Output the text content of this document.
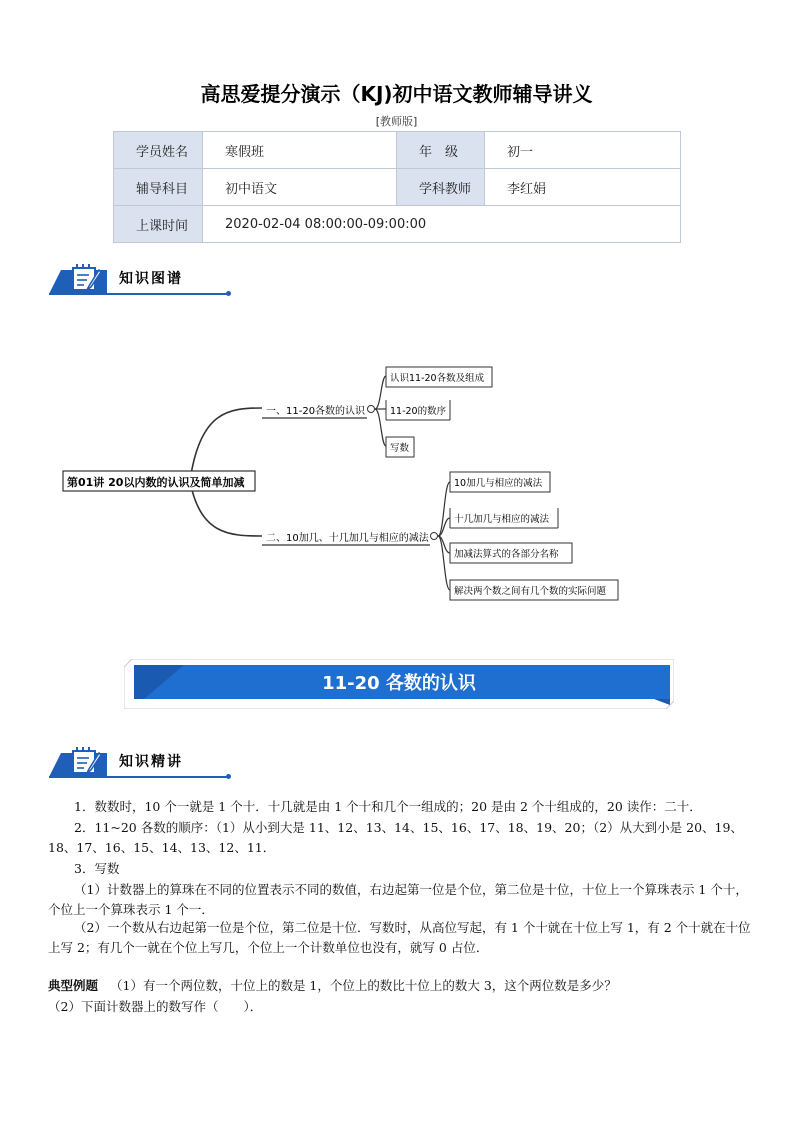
高思爱提分演示（KJ)初中语文教师辅导讲义
[教师版]
学员姓名	寒假班	年　级	初一
辅导科目	初中语文	学科教师	李红娟
上课时间	2020-02-04 08:00:00-09:00:00		
知识图谱
第01讲 20以内数的认识及简单加减
一、11-20各数的认识
认识11-20各数及组成
11-20的数序
写数
二、10加几、十几加几与相应的减法
10加几与相应的减法
十几加几与相应的减法
加减法算式的各部分名称
解决两个数之间有几个数的实际问题
11-20 各数的认识
知识精讲
1．数数时，10 个一就是 1 个十．十几就是由 1 个十和几个一组成的；20 是由 2 个十组成的，20 读作：二十．
2．11~20 各数的顺序：（1）从小到大是 11、12、13、14、15、16、17、18、19、20；（2）从大到小是 20、19、18、17、16、15、14、13、12、11．
3．写数
（1）计数器上的算珠在不同的位置表示不同的数值，右边起第一位是个位，第二位是十位，十位上一个算珠表示 1 个十，个位上一个算珠表示 1 个一．
（2）一个数从右边起第一位是个位，第二位是十位．写数时，从高位写起，有 1 个十就在十位上写 1，有 2 个十就在十位上写 2；有几个一就在个位上写几，个位上一个计数单位也没有，就写 0 占位．
典型例题 （1）有一个两位数，十位上的数是 1，个位上的数比十位上的数大 3，这个两位数是多少？
（2）下面计数器上的数写作（　　）．
